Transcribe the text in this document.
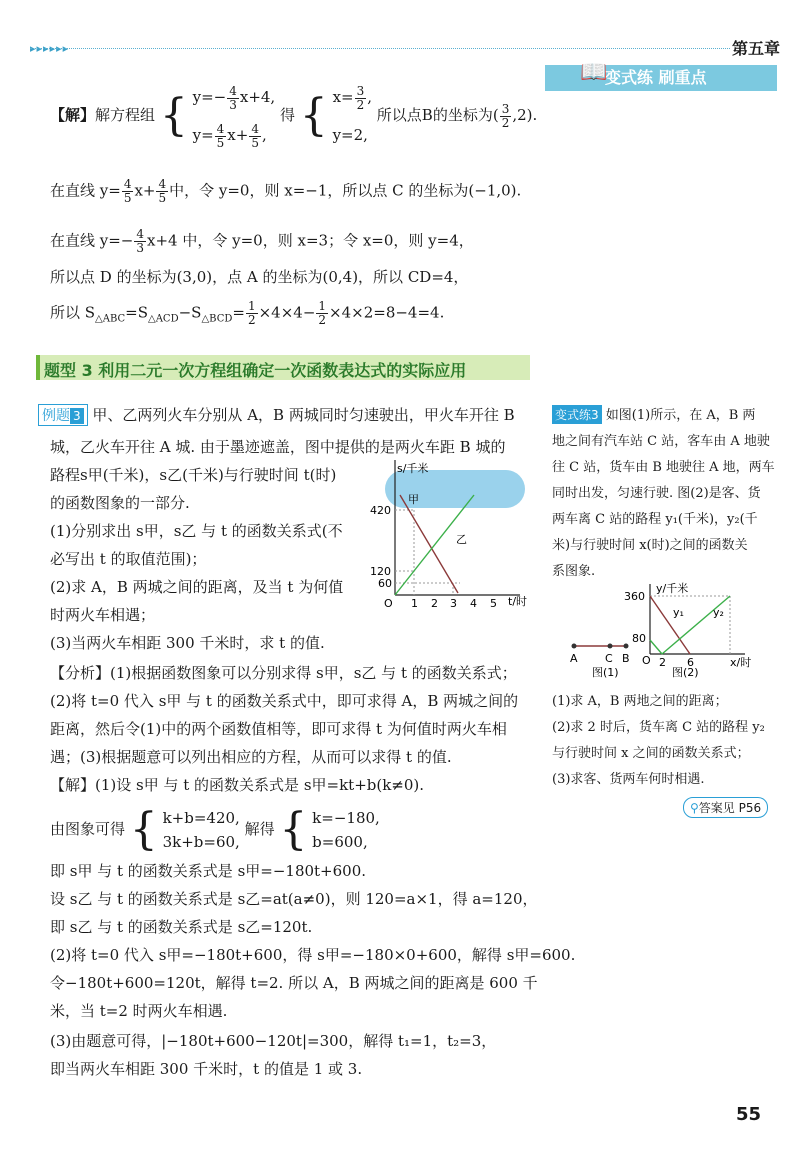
▸▸▸▸▸▸	第五章
变式练 刷重点
📖
【解】解方程组 { $y=- \frac{4}{3} x+4$,
$y= \frac{4}{5} x+ \frac{4}{5}$ ,
得 { $x= \frac{3}{2}$ ,
y=2,
所以点B的坐标为( $\frac{3}{2} ,2$).
在直线 $y= \frac{4}{5} x+ \frac{4}{5}$ 中，令 y=0，则 x=−1，所以点 C 的坐标为(−1,0).
在直线 $y=- \frac{4}{3} x+4$ 中，令 y=0，则 x=3；令 x=0，则 y=4，
所以点 D 的坐标为(3,0)，点 A 的坐标为(0,4)，所以 CD=4，
所以 $S_{\triangle ABC}=S_{\triangle ACD}-S_{\triangle BCD}= \frac{1}{2} \times 4\times 4- \frac{1}{2} \times 4\times 2=8-4=4$.
题型 3 利用二元一次方程组确定一次函数表达式的实际应用
例题 3 甲、乙两列火车分别从 A，B 两城同时匀速驶出，甲火车开往 B
城，乙火车开往 A 城. 由于墨迹遮盖，图中提供的是两火车距 B 城的
路程s甲(千米)，s乙(千米)与行驶时间 t(时)
的函数图象的一部分.
(1)分别求出 s甲，s乙 与 t 的函数关系式(不
必写出 t 的取值范围)；
(2)求 A，B 两城之间的距离，及当 t 为何值
时两火车相遇；
(3)当两火车相距 300 千米时，求 t 的值.
【分析】(1)根据函数图象可以分别求得 s甲，s乙 与 t 的函数关系式；
(2)将 t=0 代入 s甲 与 t 的函数关系式中，即可求得 A，B 两城之间的
距离，然后令(1)中的两个函数值相等，即可求得 t 为何值时两火车相
遇；(3)根据题意可以列出相应的方程，从而可以求得 t 的值.
【解】(1)设 s甲 与 t 的函数关系式是 s甲=kt+b(k≠0).
由图象可得 { k+b=420,
3k+b=60,
解得 { k=−180,
b=600,
即 s甲 与 t 的函数关系式是 s甲=−180t+600.
设 s乙 与 t 的函数关系式是 s乙=at(a≠0)，则 120=a×1，得 a=120，
即 s乙 与 t 的函数关系式是 s乙=120t.
(2)将 t=0 代入 s甲=−180t+600，得 s甲=−180×0+600，解得 s甲=600.
令−180t+600=120t，解得 t=2. 所以 A，B 两城之间的距离是 600 千
米，当 t=2 时两火车相遇.
(3)由题意可得，|−180t+600−120t|=300，解得 t₁=1，t₂=3，
即当两火车相距 300 千米时，t 的值是 1 或 3.
甲
乙
s/千米
t/时
O
420
120
60
1 2 3 4 5
变式练3 如图(1)所示，在 A，B 两
地之间有汽车站 C 站，客车由 A 地驶
往 C 站，货车由 B 地驶往 A 地，两车
同时出发，匀速行驶. 图(2)是客、货
两车离 C 站的路程 y₁(千米)，y₂(千
米)与行驶时间 x(时)之间的函数关
系图象.
A C B
图(1)
y₁	y₂
y/千米
x/时
O
360
80
2 6
图(2)
(1)求 A，B 两地之间的距离；
(2)求 2 时后，货车离 C 站的路程 y₂
与行驶时间 x 之间的函数关系式；
(3)求客、货两车何时相遇.
⚲答案见 P56
55
